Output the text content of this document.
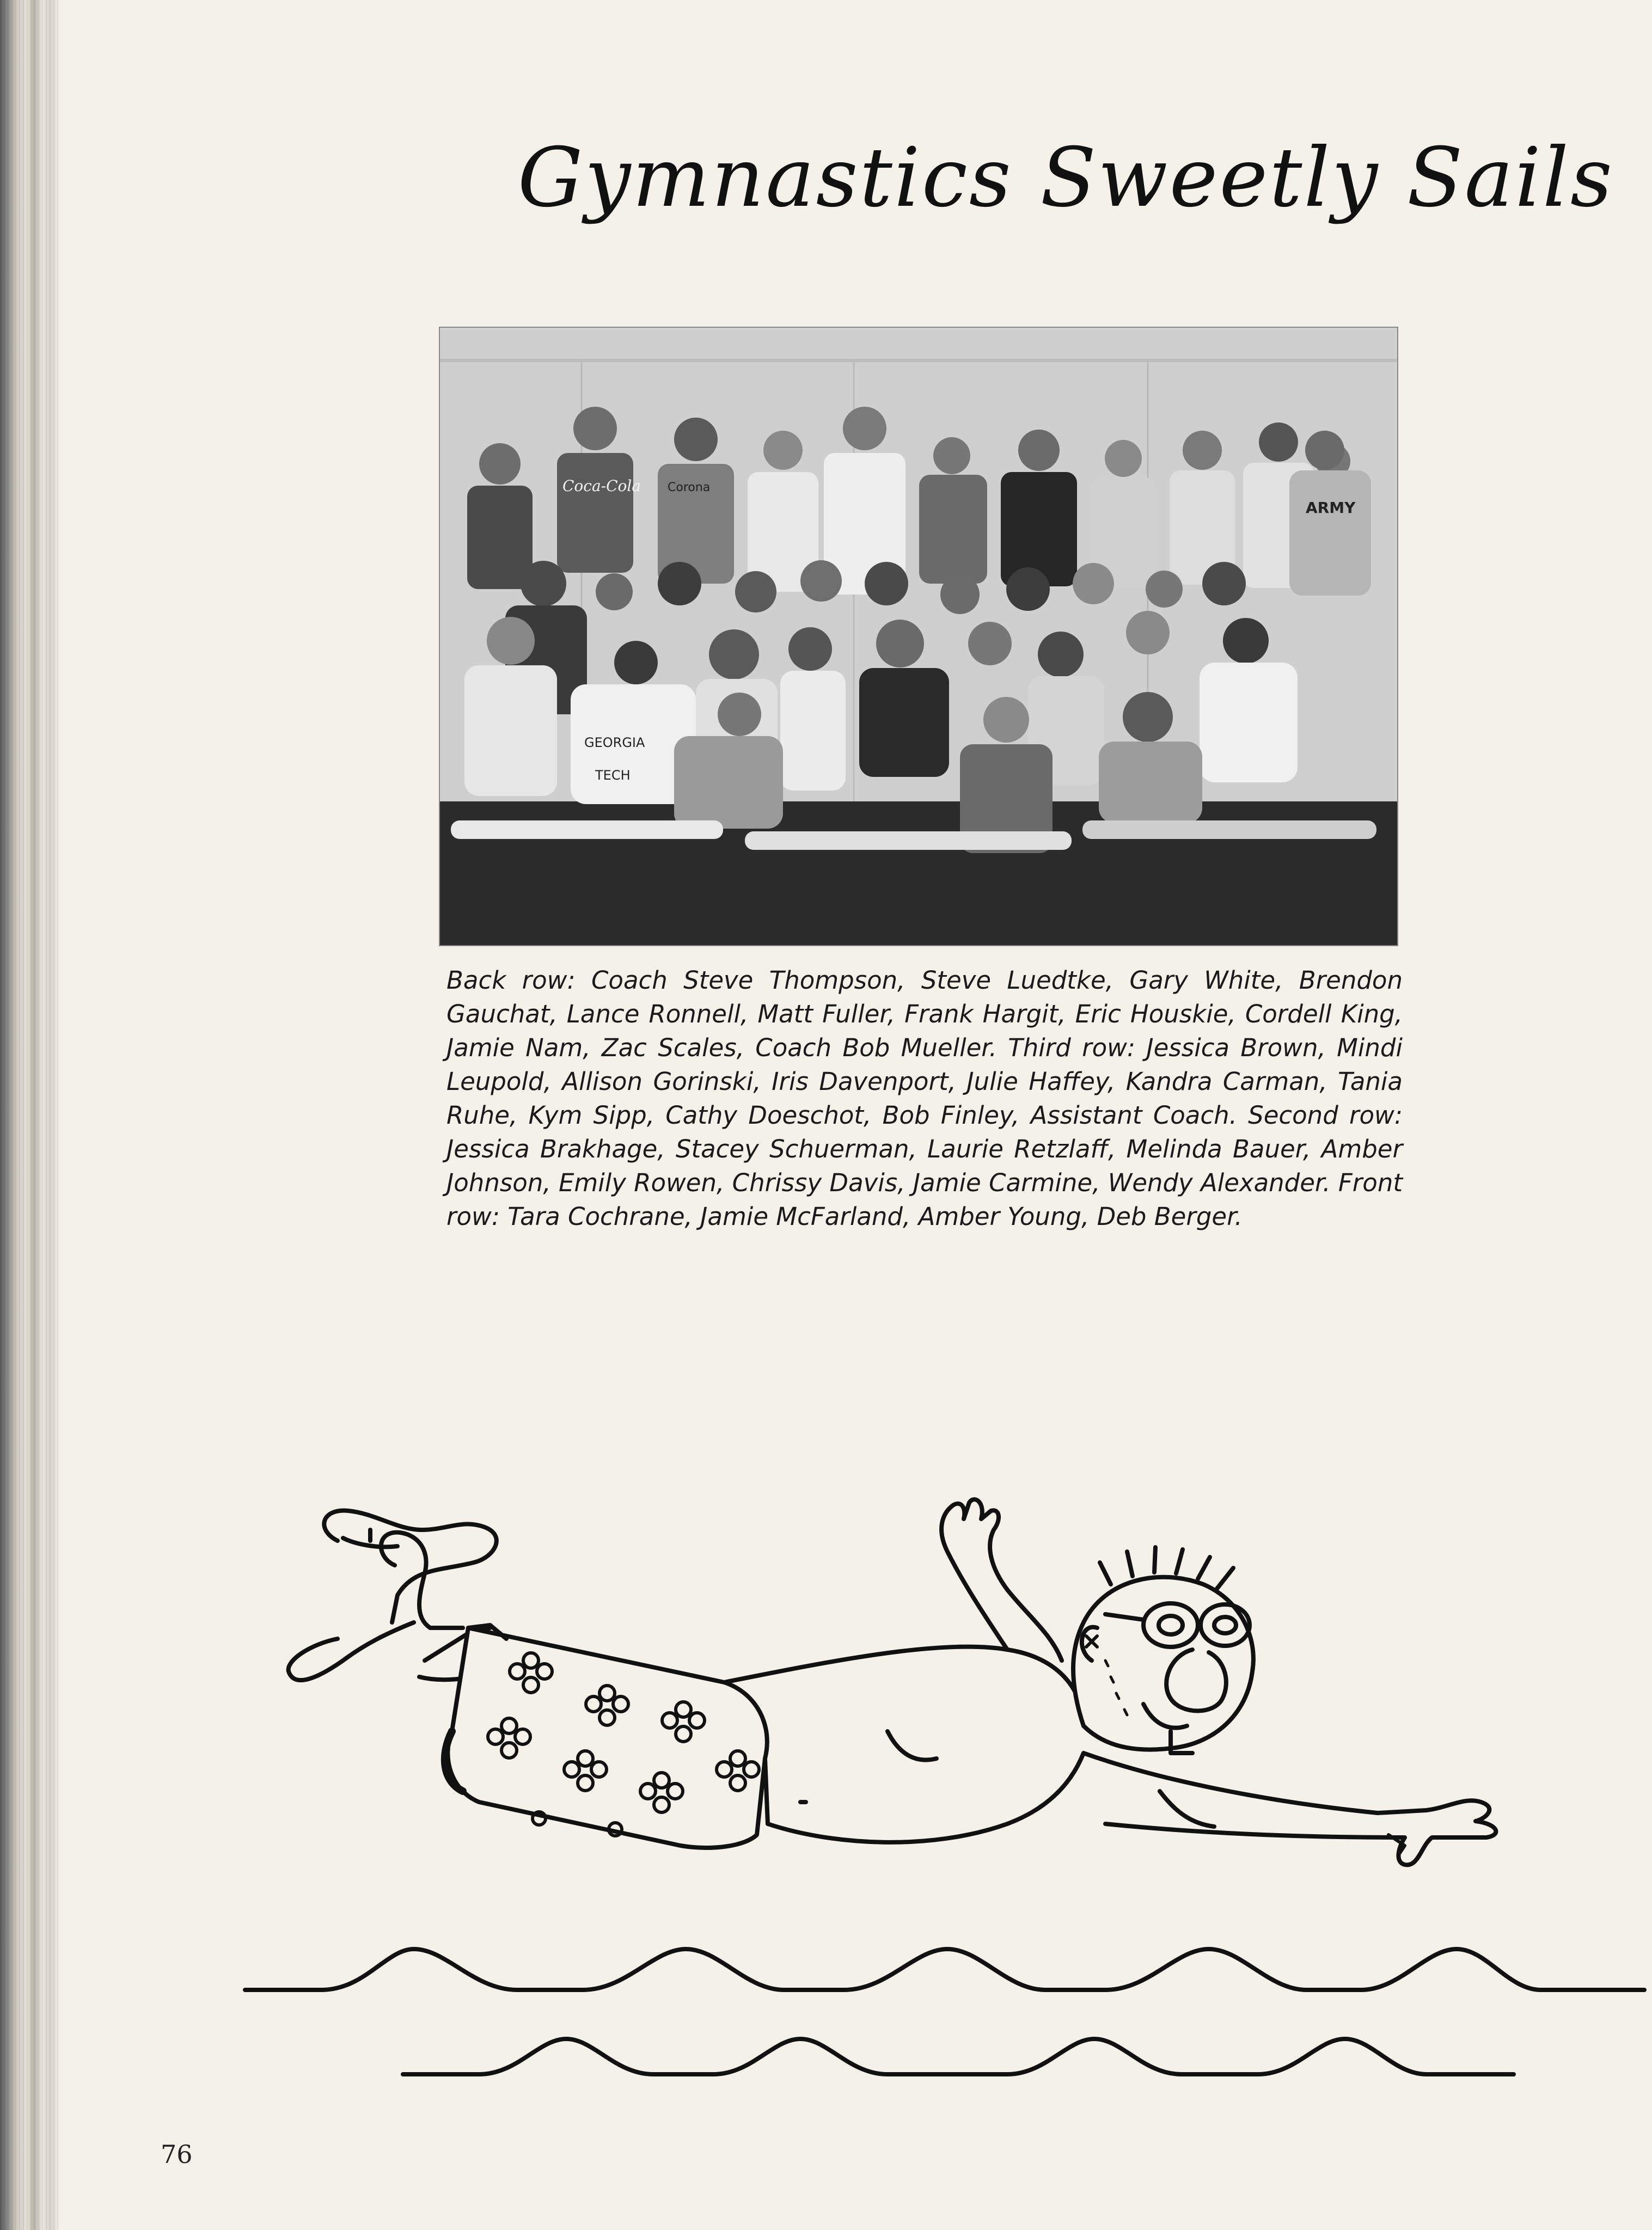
Gymnastics Sweetly Sails
Coca-Cola Corona
ARMY
GEORGIA
TECH
Back row: Coach Steve Thompson, Steve Luedtke, Gary White, Brendon Gauchat, Lance Ronnell, Matt Fuller, Frank Hargit, Eric Houskie, Cordell King, Jamie Nam, Zac Scales, Coach Bob Mueller. Third row: Jessica Brown, Mindi Leupold, Allison Gorinski, Iris Davenport, Julie Haffey, Kandra Carman, Tania Ruhe, Kym Sipp, Cathy Doeschot, Bob Finley, Assistant Coach. Second row: Jessica Brakhage, Stacey Schuerman, Laurie Retzlaff, Melinda Bauer, Amber Johnson, Emily Rowen, Chrissy Davis, Jamie Carmine, Wendy Alexander. Front row: Tara Cochrane, Jamie McFarland, Amber Young, Deb Berger.
76
